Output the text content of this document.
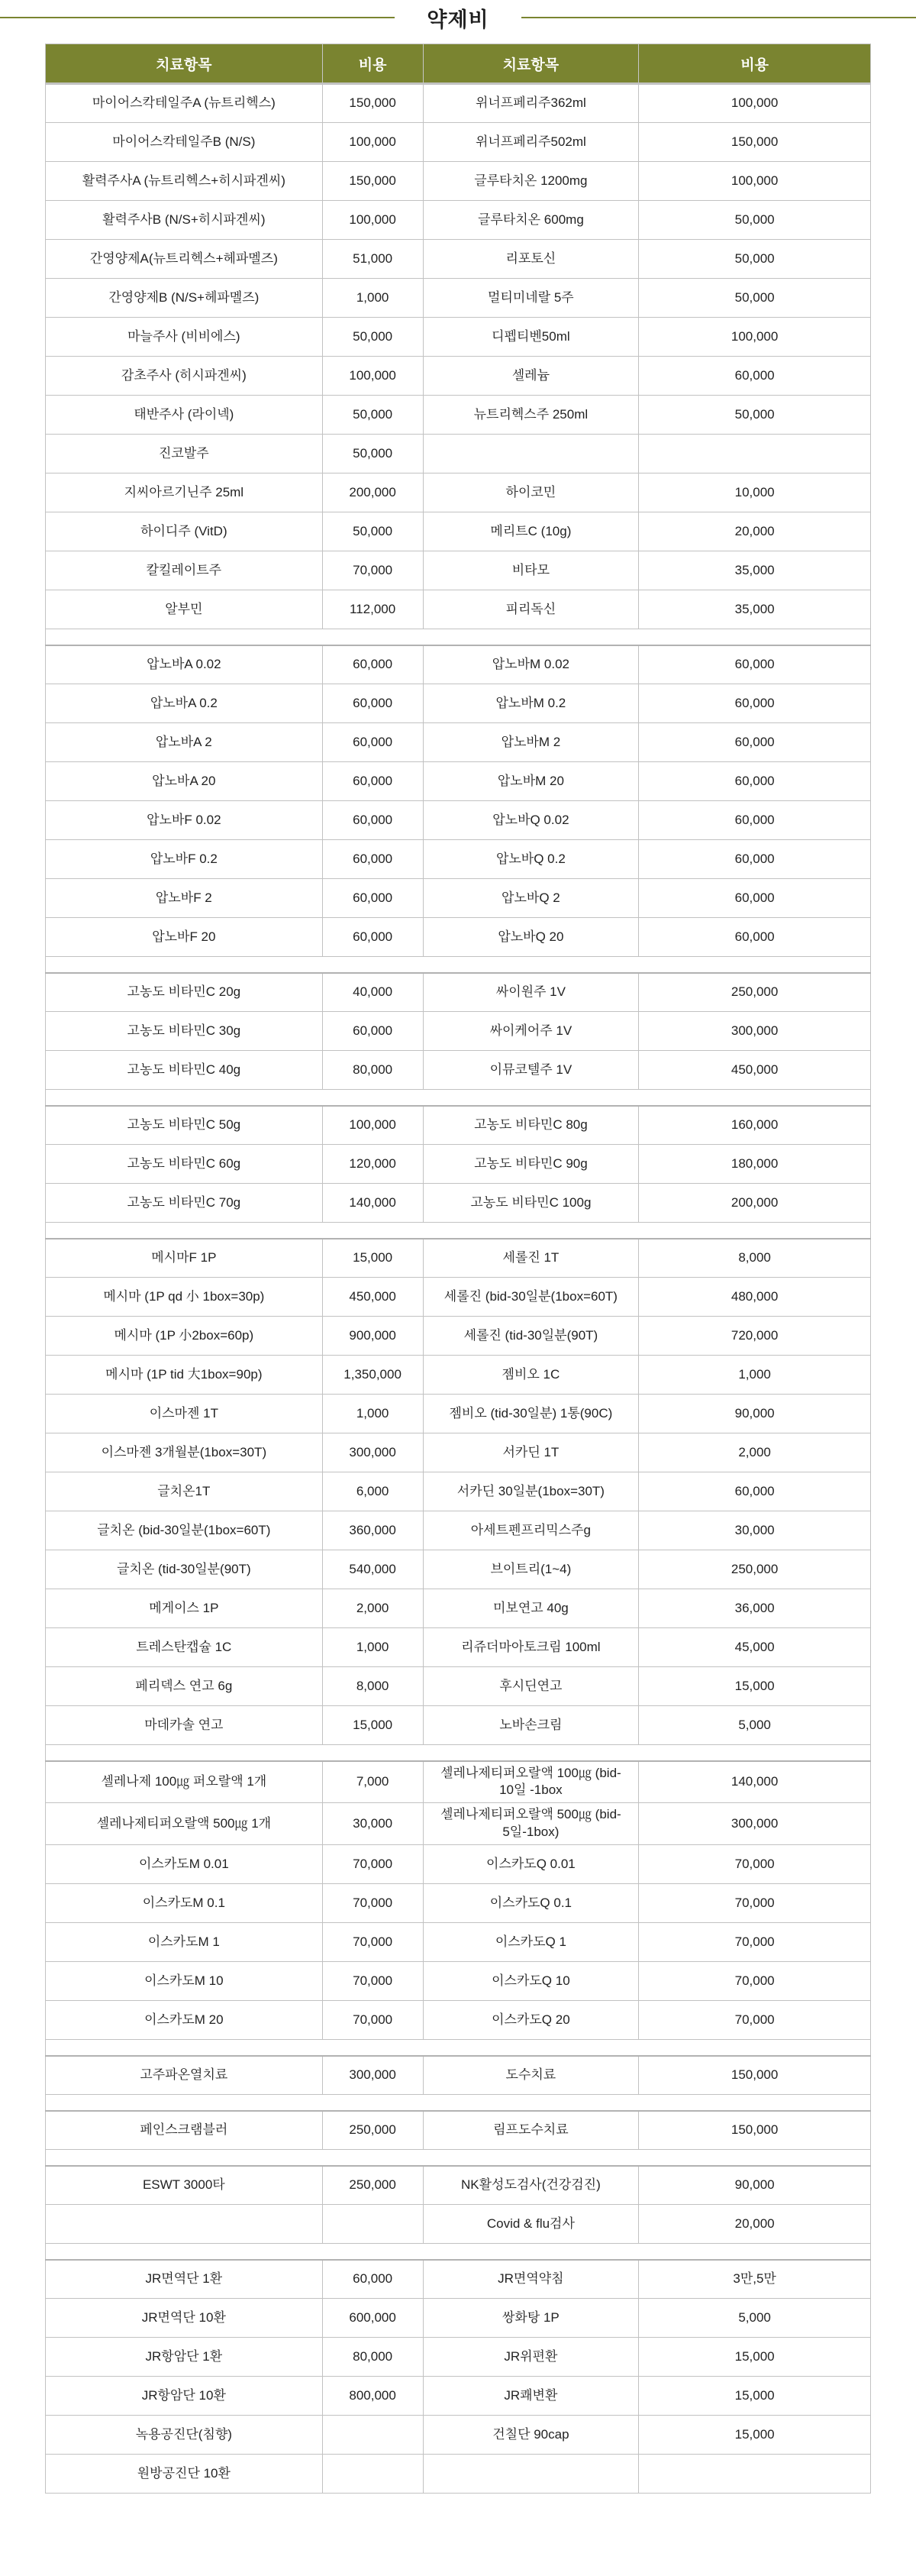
약제비
치료항목	비용	치료항목	비용
마이어스칵테일주A (뉴트리헥스)	150,000	위너프페리주362ml	100,000
마이어스칵테일주B (N/S)	100,000	위너프페리주502ml	150,000
활력주사A (뉴트리헥스+히시파겐씨)	150,000	글루타치온 1200mg	100,000
활력주사B (N/S+히시파겐씨)	100,000	글루타치온 600mg	50,000
간영양제A(뉴트리헥스+헤파멜즈)	51,000	리포토신	50,000
간영양제B (N/S+헤파멜즈)	1,000	멀티미네랄 5주	50,000
마늘주사 (비비에스)	50,000	디펩티벤50ml	100,000
감초주사 (히시파겐씨)	100,000	셀레늄	60,000
태반주사 (라이넥)	50,000	뉴트리헥스주 250ml	50,000
진코발주	50,000		
지씨아르기닌주 25ml	200,000	하이코민	10,000
하이디주 (VitD)	50,000	메리트C (10g)	20,000
칼킬레이트주	70,000	비타모	35,000
알부민	112,000	피리독신	35,000

압노바A 0.02	60,000	압노바M 0.02	60,000
압노바A 0.2	60,000	압노바M 0.2	60,000
압노바A 2	60,000	압노바M 2	60,000
압노바A 20	60,000	압노바M 20	60,000
압노바F 0.02	60,000	압노바Q 0.02	60,000
압노바F 0.2	60,000	압노바Q 0.2	60,000
압노바F 2	60,000	압노바Q 2	60,000
압노바F 20	60,000	압노바Q 20	60,000

고농도 비타민C 20g	40,000	싸이원주 1V	250,000
고농도 비타민C 30g	60,000	싸이케어주 1V	300,000
고농도 비타민C 40g	80,000	이뮤코텔주 1V	450,000

고농도 비타민C 50g	100,000	고농도 비타민C 80g	160,000
고농도 비타민C 60g	120,000	고농도 비타민C 90g	180,000
고농도 비타민C 70g	140,000	고농도 비타민C 100g	200,000

메시마F 1P	15,000	세롤진 1T	8,000
메시마 (1P qd 小 1box=30p)	450,000	세롤진 (bid-30일분(1box=60T)	480,000
메시마 (1P 小2box=60p)	900,000	세롤진 (tid-30일분(90T)	720,000
메시마 (1P tid 大1box=90p)	1,350,000	젬비오 1C	1,000
이스마젠 1T	1,000	젬비오 (tid-30일분) 1통(90C)	90,000
이스마젠 3개월분(1box=30T)	300,000	서카딘 1T	2,000
글치온1T	6,000	서카딘 30일분(1box=30T)	60,000
글치온 (bid-30일분(1box=60T)	360,000	아세트펜프리믹스주g	30,000
글치온 (tid-30일분(90T)	540,000	브이트리(1~4)	250,000
메게이스 1P	2,000	미보연고 40g	36,000
트레스탄캡슐 1C	1,000	리쥬더마아토크림 100ml	45,000
페리덱스 연고 6g	8,000	후시딘연고	15,000
마데카솔 연고	15,000	노바손크림	5,000

셀레나제 100㎍ 퍼오랄액 1개	7,000	셀레나제티퍼오랄액 100㎍ (bid-10일 -1box	140,000
셀레나제티퍼오랄액 500㎍ 1개	30,000	셀레나제티퍼오랄액 500㎍ (bid-5일-1box)	300,000
이스카도M 0.01	70,000	이스카도Q 0.01	70,000
이스카도M 0.1	70,000	이스카도Q 0.1	70,000
이스카도M 1	70,000	이스카도Q 1	70,000
이스카도M 10	70,000	이스카도Q 10	70,000
이스카도M 20	70,000	이스카도Q 20	70,000

고주파온열치료	300,000	도수치료	150,000

페인스크램블러	250,000	림프도수치료	150,000

ESWT 3000타	250,000	NK활성도검사(건강검진)	90,000
		Covid & flu검사	20,000

JR면역단 1환	60,000	JR면역약침	3만,5만
JR면역단 10환	600,000	쌍화탕 1P	5,000
JR항암단 1환	80,000	JR위편환	15,000
JR항암단 10환	800,000	JR쾌변환	15,000
녹용공진단(침향)		건칠단 90cap	15,000
원방공진단 10환			
